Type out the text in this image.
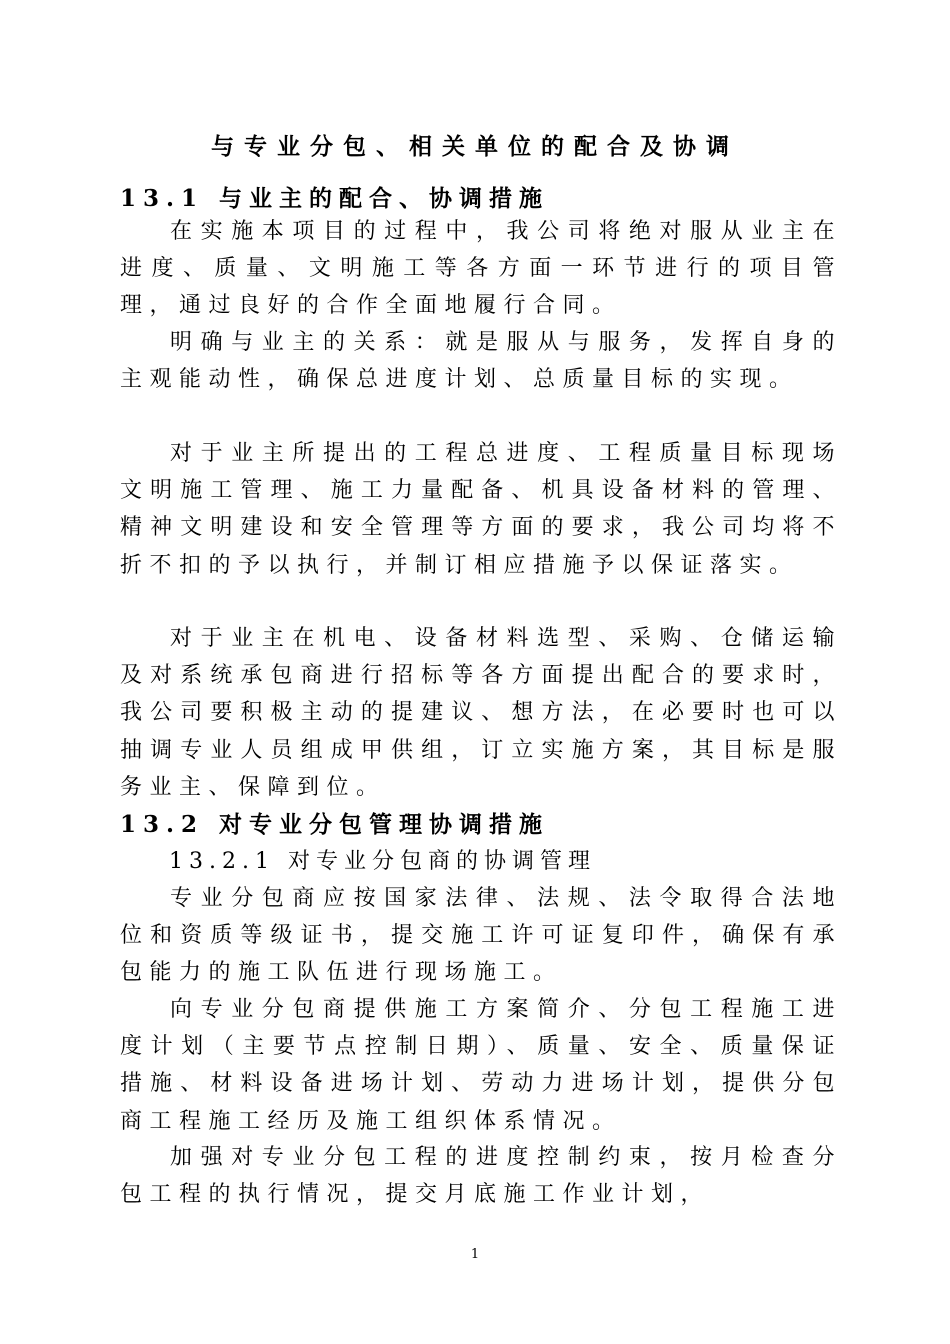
与专业分包、相关单位的配合及协调
13.1 与业主的配合、协调措施
在实施本项目的过程中，我公司将绝对服从业主在进度、质量、文明施工等各方面一环节进行的项目管理，通过良好的合作全面地履行合同。
明确与业主的关系：就是服从与服务，发挥自身的主观能动性，确保总进度计划、总质量目标的实现。
对于业主所提出的工程总进度、工程质量目标现场文明施工管理、施工力量配备、机具设备材料的管理、精神文明建设和安全管理等方面的要求，我公司均将不折不扣的予以执行，并制订相应措施予以保证落实。
对于业主在机电、设备材料选型、采购、仓储运输及对系统承包商进行招标等各方面提出配合的要求时，我公司要积极主动的提建议、想方法，在必要时也可以抽调专业人员组成甲供组，订立实施方案，其目标是服务业主、保障到位。
13.2 对专业分包管理协调措施
13.2.1 对专业分包商的协调管理
专业分包商应按国家法律、法规、法令取得合法地位和资质等级证书，提交施工许可证复印件，确保有承包能力的施工队伍进行现场施工。
向专业分包商提供施工方案简介、分包工程施工进度计划（主要节点控制日期）、质量、安全、质量保证措施、材料设备进场计划、劳动力进场计划，提供分包商工程施工经历及施工组织体系情况。
加强对专业分包工程的进度控制约束，按月检查分包工程的执行情况，提交月底施工作业计划，
1
